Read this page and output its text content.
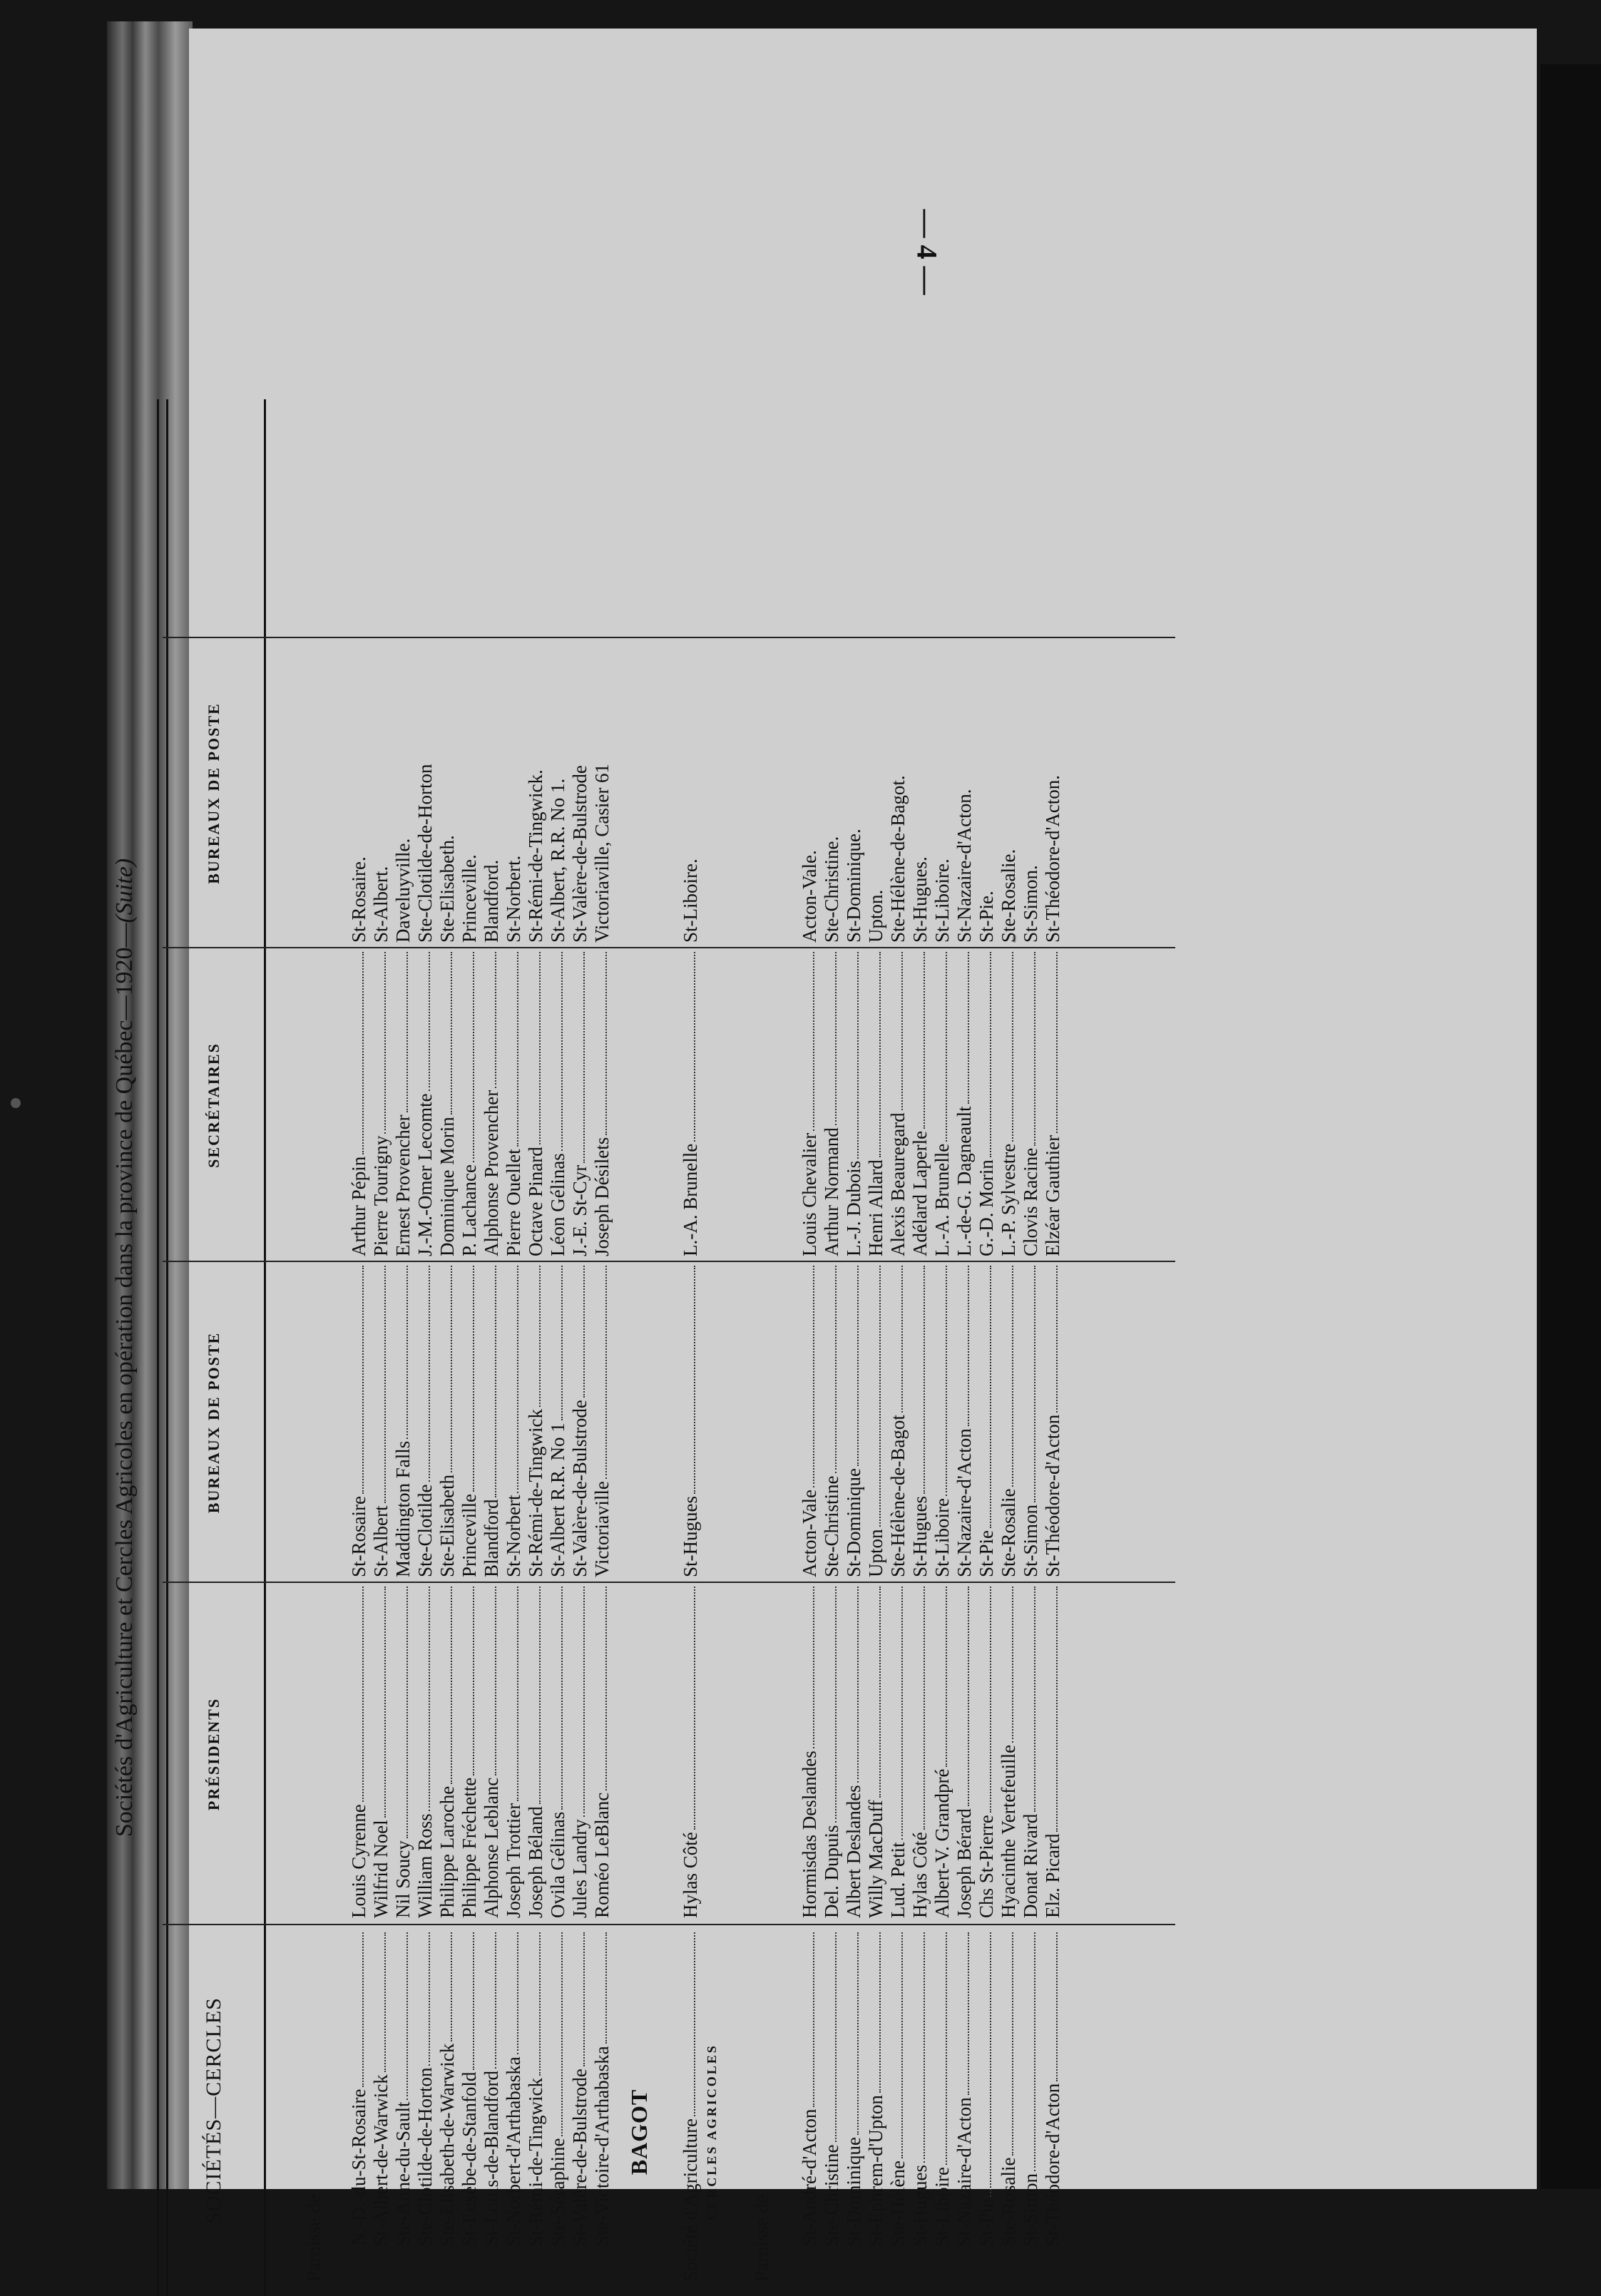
— 4 —
Sociétés d'Agriculture et Cercles Agricoles en opération dans la province de Québec—1920—(Suite)
SOCIÉTÉS—CERCLES
PRÉSIDENTS
BUREAUX DE POSTE
SECRÉTAIRES
BUREAUX DE POSTE
Paroisse de
BAGOT	CERCLES AGRICOLES
Paroisse de
N.-D.-du-St-Rosaire
Louis Cyrenne
St-Rosaire
Arthur Pépin
St-Rosaire.
St-Albert-de-Warwick
Wilfrid Noel
St-Albert
Pierre Tourigny
St-Albert.
Ste-Anne-du-Sault
Nil Soucy
Maddington Falls
Ernest Provencher
Daveluyville.
Ste-Clotilde-de-Horton
William Ross
Ste-Clotilde
J.-M.-Omer Lecomte
Ste-Clotilde-de-Horton
Ste-Elisabeth-de-Warwick
Philippe Laroche
Ste-Elisabeth
Dominique Morin
Ste-Elisabeth.
St-Eusèbe-de-Stanfold
Philippe Fréchette
Princeville
P. Lachance
Princeville.
St-Louis-de-Blandford
Alphonse Leblanc
Blandford
Alphonse Provencher
Blandford.
St-Norbert-d'Arthabaska
Joseph Trottier
St-Norbert
Pierre Ouellet
St-Norbert.
St-Rémi-de-Tingwick
Joseph Béland
St-Rémi-de-Tingwick
Octave Pinard
St-Rémi-de-Tingwick.
Ste-Séraphine
Ovila Gélinas
St-Albert R.R. No 1
Léon Gélinas
St-Albert, R.R. No 1.
St-Valère-de-Bulstrode
Jules Landry
St-Valère-de-Bulstrode
J.-E. St-Cyr
St-Valère-de-Bulstrode
Ste-Victoire-d'Arthabaska
Roméo LeBlanc
Victoriaville
Joseph Désilets
Victoriaville, Casier 61
Société d'Agriculture
Hylas Côté
St-Hugues
L.-A. Brunelle
St-Liboire.
St-André-d'Acton
Hormisdas Deslandes
Acton-Vale
Louis Chevalier
Acton-Vale.
Ste-Christine
Del. Dupuis
Ste-Christine
Arthur Normand
Ste-Christine.
St-Dominique
Albert Deslandes
St-Dominique
L.-J. Dubois
St-Dominique.
St-Ephrem-d'Upton
Willy MacDuff
Upton
Henri Allard
Upton.
Ste-Hélène
Lud. Petit
Ste-Hélène-de-Bagot
Alexis Beauregard
Ste-Hélène-de-Bagot.
St-Hugues
Hylas Côté
St-Hugues
Adélard Laperle
St-Hugues.
St-Liboire
Albert-V. Grandpré
St-Liboire
L.-A. Brunelle
St-Liboire.
St-Nazaire-d'Acton
Joseph Bérard
St-Nazaire-d'Acton
L.-de-G. Dagneault
St-Nazaire-d'Acton.
St-Pie
Chs St-Pierre
St-Pie
G.-D. Morin
St-Pie.
Ste-Rosalie
Hyacinthe Vertefeuille
Ste-Rosalie
L.-P. Sylvestre
Ste-Rosalie.
St-Simon
Donat Rivard
St-Simon
Clovis Racine
St-Simon.
St-Théodore-d'Acton
Elz. Picard
St-Théodore-d'Acton
Elzéar Gauthier
St-Théodore-d'Acton.
